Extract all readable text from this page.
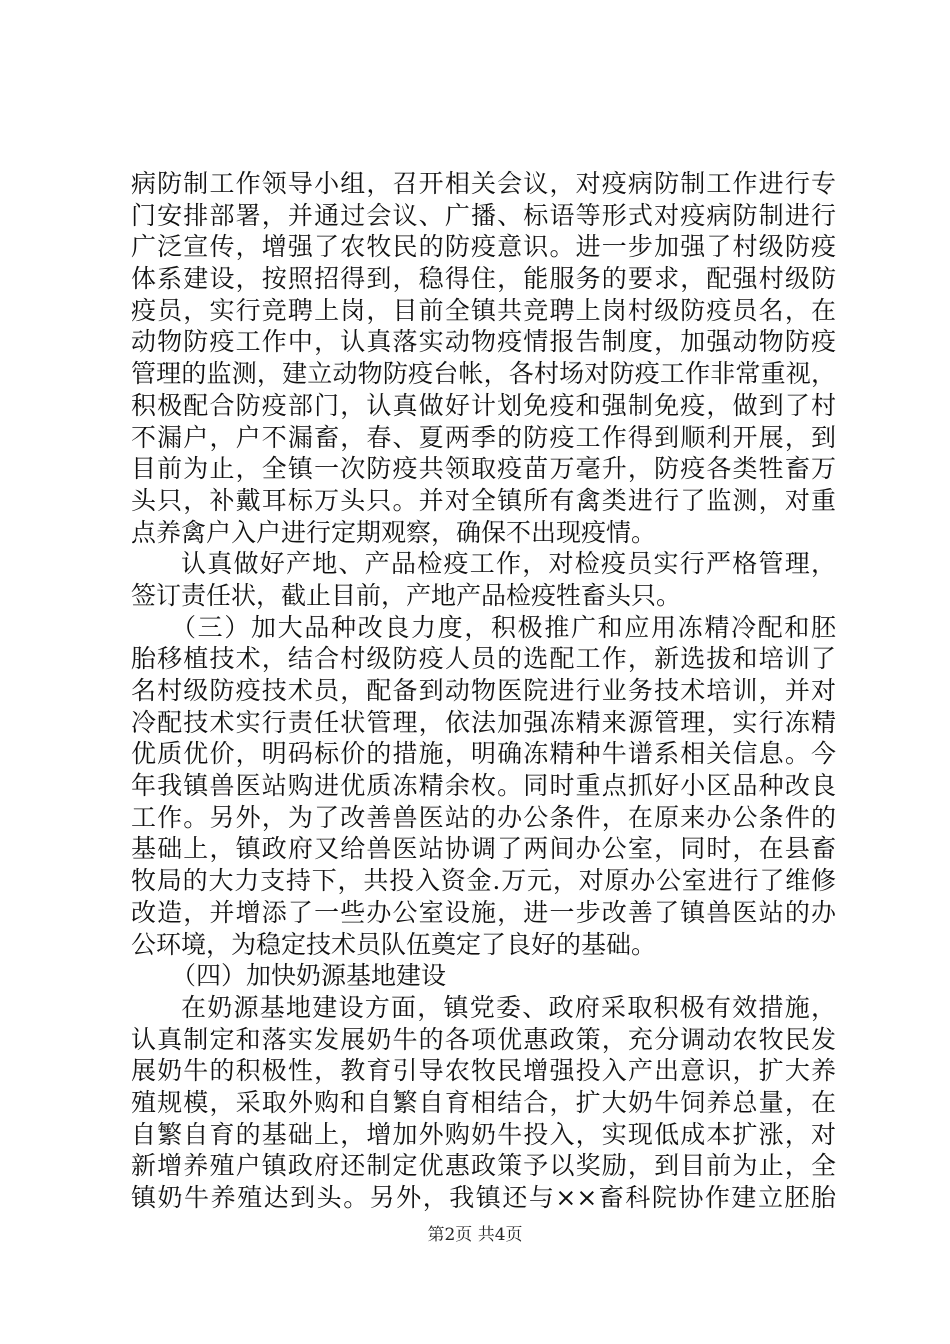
病防制工作领导小组，召开相关会议，对疫病防制工作进行专
门安排部署，并通过会议、广播、标语等形式对疫病防制进行
广泛宣传，增强了农牧民的防疫意识。进一步加强了村级防疫
体系建设，按照招得到，稳得住，能服务的要求，配强村级防
疫员，实行竞聘上岗，目前全镇共竞聘上岗村级防疫员名，在
动物防疫工作中，认真落实动物疫情报告制度，加强动物防疫
管理的监测，建立动物防疫台帐，各村场对防疫工作非常重视，
积极配合防疫部门，认真做好计划免疫和强制免疫，做到了村
不漏户，户不漏畜，春、夏两季的防疫工作得到顺利开展，到
目前为止，全镇一次防疫共领取疫苗万毫升，防疫各类牲畜万
头只，补戴耳标万头只。并对全镇所有禽类进行了监测，对重
点养禽户入户进行定期观察，确保不出现疫情。
认真做好产地、产品检疫工作，对检疫员实行严格管理，
签订责任状，截止目前，产地产品检疫牲畜头只。
（三）加大品种改良力度，积极推广和应用冻精冷配和胚
胎移植技术，结合村级防疫人员的选配工作，新选拔和培训了
名村级防疫技术员，配备到动物医院进行业务技术培训，并对
冷配技术实行责任状管理，依法加强冻精来源管理，实行冻精
优质优价，明码标价的措施，明确冻精种牛谱系相关信息。今
年我镇兽医站购进优质冻精余枚。同时重点抓好小区品种改良
工作。另外，为了改善兽医站的办公条件，在原来办公条件的
基础上，镇政府又给兽医站协调了两间办公室，同时，在县畜
牧局的大力支持下，共投入资金.万元，对原办公室进行了维修
改造，并增添了一些办公室设施，进一步改善了镇兽医站的办
公环境，为稳定技术员队伍奠定了良好的基础。
（四）加快奶源基地建设
在奶源基地建设方面，镇党委、政府采取积极有效措施，
认真制定和落实发展奶牛的各项优惠政策，充分调动农牧民发
展奶牛的积极性，教育引导农牧民增强投入产出意识，扩大养
殖规模，采取外购和自繁自育相结合，扩大奶牛饲养总量，在
自繁自育的基础上，增加外购奶牛投入，实现低成本扩涨，对
新增养殖户镇政府还制定优惠政策予以奖励，到目前为止，全
镇奶牛养殖达到头。另外，我镇还与××畜科院协作建立胚胎
第2页 共4页
